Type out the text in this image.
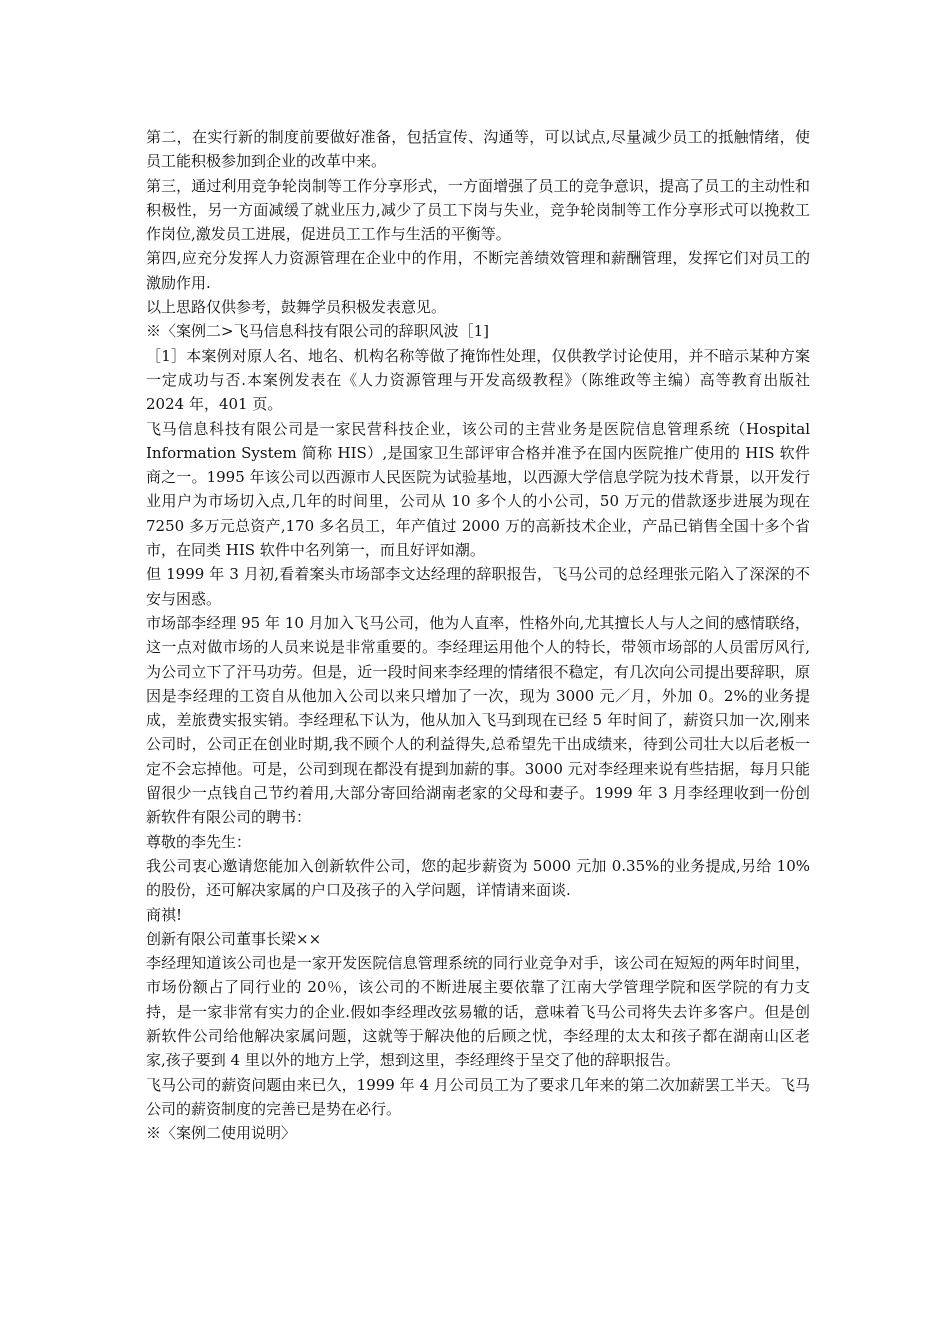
第二，在实行新的制度前要做好准备，包括宣传、沟通等，可以试点,尽量减少员工的抵触情绪，使员工能积极参加到企业的改革中来。

第三，通过利用竞争轮岗制等工作分享形式，一方面增强了员工的竞争意识，提高了员工的主动性和积极性，另一方面减缓了就业压力,减少了员工下岗与失业，竞争轮岗制等工作分享形式可以挽救工作岗位,激发员工进展，促进员工工作与生活的平衡等。

第四,应充分发挥人力资源管理在企业中的作用，不断完善绩效管理和薪酬管理，发挥它们对员工的激励作用.

以上思路仅供参考，鼓舞学员积极发表意见。

※〈案例二>飞马信息科技有限公司的辞职风波［1]

［1］本案例对原人名、地名、机构名称等做了掩饰性处理，仅供教学讨论使用，并不暗示某种方案一定成功与否.本案例发表在《人力资源管理与开发高级教程》（陈维政等主编）高等教育出版社 2024 年，401 页。

飞马信息科技有限公司是一家民营科技企业，该公司的主营业务是医院信息管理系统（Hospital Information System 简称 HIS）,是国家卫生部评审合格并准予在国内医院推广使用的 HIS 软件商之一。1995 年该公司以西源市人民医院为试验基地，以西源大学信息学院为技术背景，以开发行业用户为市场切入点,几年的时间里，公司从 10 多个人的小公司，50 万元的借款逐步进展为现在 7250 多万元总资产,170 多名员工，年产值过 2000 万的高新技术企业，产品已销售全国十多个省市，在同类 HIS 软件中名列第一，而且好评如潮。

但 1999 年 3 月初,看着案头市场部李文达经理的辞职报告，飞马公司的总经理张元陷入了深深的不安与困惑。

市场部李经理 95 年 10 月加入飞马公司，他为人直率，性格外向,尤其擅长人与人之间的感情联络，这一点对做市场的人员来说是非常重要的。李经理运用他个人的特长，带领市场部的人员雷厉风行,为公司立下了汗马功劳。但是，近一段时间来李经理的情绪很不稳定，有几次向公司提出要辞职，原因是李经理的工资自从他加入公司以来只增加了一次，现为 3000 元／月，外加 0。2%的业务提成，差旅费实报实销。李经理私下认为，他从加入飞马到现在已经 5 年时间了，薪资只加一次,刚来公司时，公司正在创业时期,我不顾个人的利益得失,总希望先干出成绩来，待到公司壮大以后老板一定不会忘掉他。可是，公司到现在都没有提到加薪的事。3000 元对李经理来说有些拮据，每月只能留很少一点钱自己节约着用,大部分寄回给湖南老家的父母和妻子。1999 年 3 月李经理收到一份创新软件有限公司的聘书：

尊敬的李先生：

我公司衷心邀请您能加入创新软件公司，您的起步薪资为 5000 元加 0.35%的业务提成,另给 10%的股份，还可解决家属的户口及孩子的入学问题，详情请来面谈.

商祺!

创新有限公司董事长梁××

李经理知道该公司也是一家开发医院信息管理系统的同行业竞争对手，该公司在短短的两年时间里，市场份额占了同行业的 20％，该公司的不断进展主要依靠了江南大学管理学院和医学院的有力支持，是一家非常有实力的企业.假如李经理改弦易辙的话，意味着飞马公司将失去许多客户。但是创新软件公司给他解决家属问题，这就等于解决他的后顾之忧，李经理的太太和孩子都在湖南山区老家,孩子要到 4 里以外的地方上学，想到这里，李经理终于呈交了他的辞职报告。

飞马公司的薪资问题由来已久，1999 年 4 月公司员工为了要求几年来的第二次加薪罢工半天。飞马公司的薪资制度的完善已是势在必行。

※〈案例二使用说明〉
